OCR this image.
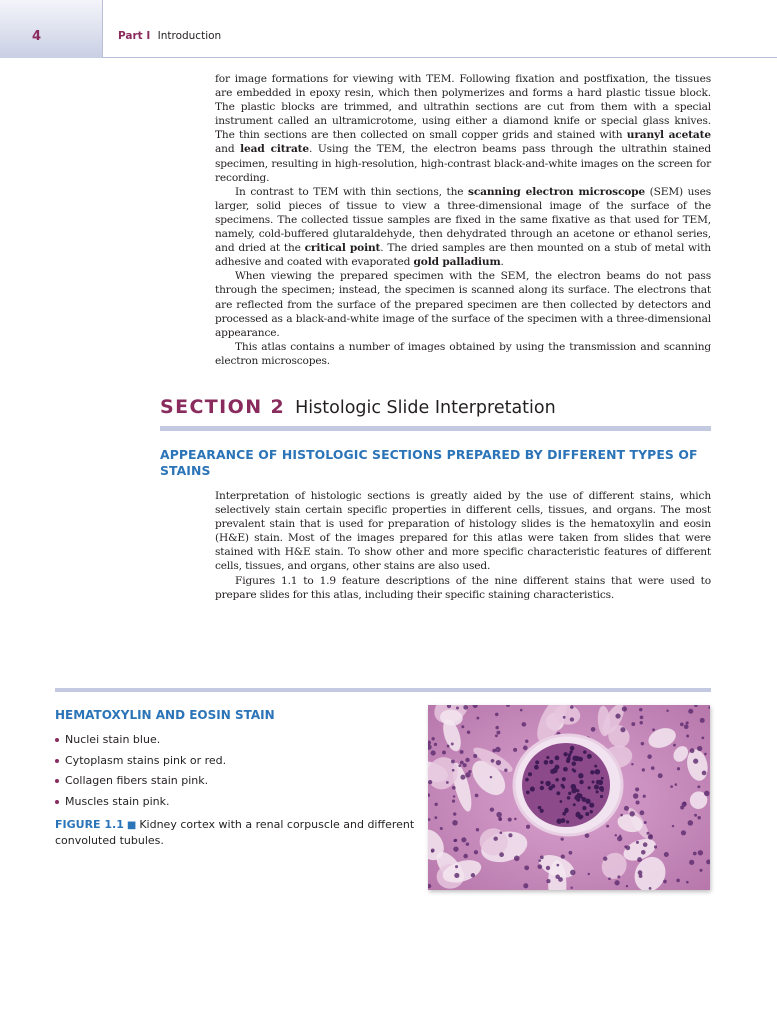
4	Part I Introduction

for image formations for viewing with TEM. Following fixation and postfixation, the tissues are embedded in epoxy resin, which then polymerizes and forms a hard plastic tissue block. The plastic blocks are trimmed, and ultrathin sections are cut from them with a special instrument called an ultramicrotome, using either a diamond knife or special glass knives. The thin sections are then collected on small copper grids and stained with uranyl acetate and lead citrate. Using the TEM, the electron beams pass through the ultrathin stained specimen, resulting in high-resolution, high-contrast black-and-white images on the screen for recording.

In contrast to TEM with thin sections, the scanning electron microscope (SEM) uses larger, solid pieces of tissue to view a three-dimensional image of the surface of the specimens. The collected tissue samples are fixed in the same fixative as that used for TEM, namely, cold-buffered glutaraldehyde, then dehydrated through an acetone or ethanol series, and dried at the critical point. The dried samples are then mounted on a stub of metal with adhesive and coated with evaporated gold palladium.

When viewing the prepared specimen with the SEM, the electron beams do not pass through the specimen; instead, the specimen is scanned along its surface. The electrons that are reflected from the surface of the prepared specimen are then collected by detectors and processed as a black-and-white image of the surface of the specimen with a three-dimensional appearance.

This atlas contains a number of images obtained by using the transmission and scanning electron microscopes.

SECTION 2 Histologic Slide Interpretation
APPEARANCE OF HISTOLOGIC SECTIONS PREPARED BY DIFFERENT TYPES OF STAINS

Interpretation of histologic sections is greatly aided by the use of different stains, which selectively stain certain specific properties in different cells, tissues, and organs. The most prevalent stain that is used for preparation of histology slides is the hematoxylin and eosin (H&E) stain. Most of the images prepared for this atlas were taken from slides that were stained with H&E stain. To show other and more specific characteristic features of different cells, tissues, and organs, other stains are also used.

Figures 1.1 to 1.9 feature descriptions of the nine different stains that were used to prepare slides for this atlas, including their specific staining characteristics.

HEMATOXYLIN AND EOSIN STAIN
Nuclei stain blue.
Cytoplasm stains pink or red.
Collagen fibers stain pink.
Muscles stain pink.
FIGURE 1.1 ■ Kidney cortex with a renal corpuscle and different convoluted tubules.
